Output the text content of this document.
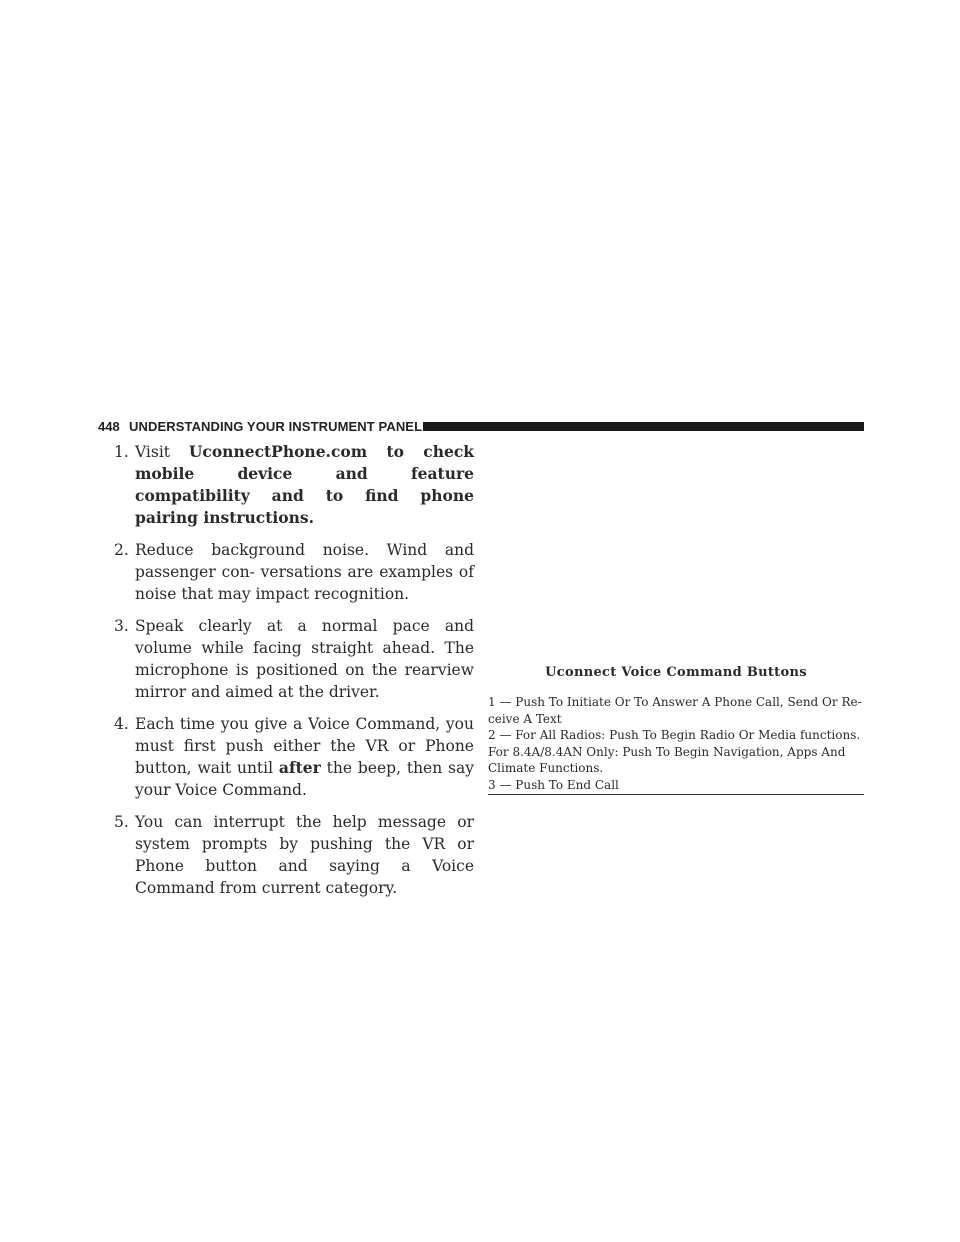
448 UNDERSTANDING YOUR INSTRUMENT PANEL

1. Visit UconnectPhone.com to check mobile device and feature compatibility and to find phone pairing instructions.

2. Reduce background noise. Wind and passenger con- versations are examples of noise that may impact recognition.

3. Speak clearly at a normal pace and volume while facing straight ahead. The microphone is positioned on the rearview mirror and aimed at the driver.

4. Each time you give a Voice Command, you must first push either the VR or Phone button, wait until after the beep, then say your Voice Command.

5. You can interrupt the help message or system prompts by pushing the VR or Phone button and saying a Voice Command from current category.

Uconnect Voice Command Buttons
1 — Push To Initiate Or To Answer A Phone Call, Send Or Re- ceive A Text
2 — For All Radios: Push To Begin Radio Or Media functions. For 8.4A/8.4AN Only: Push To Begin Navigation, Apps And Climate Functions.
3 — Push To End Call
